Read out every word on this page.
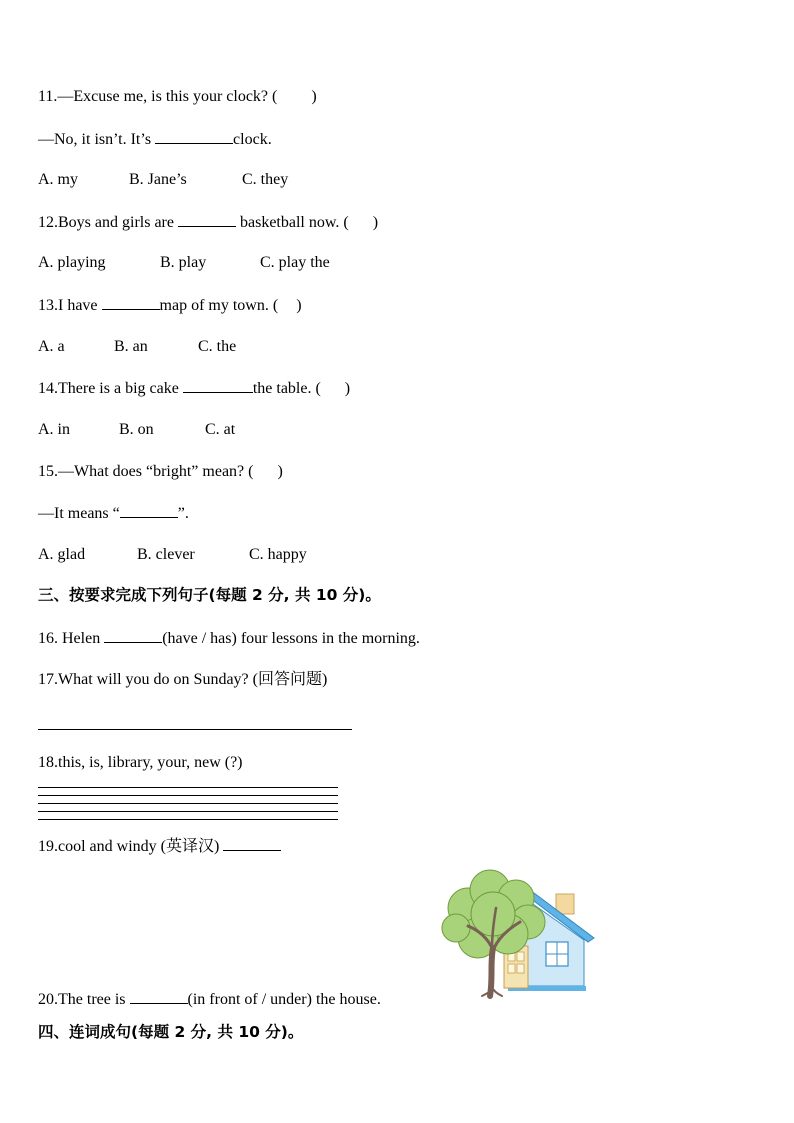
11.—Excuse me, is this your clock? ( )
—No, it isn’t. It’s	clock.
A. my	B. Jane’s	C. they
12.Boys and girls are	basketball now. ( )
A. playing	B. play	C. play the
13.I have	map of my town. ( )
A. a	B. an	C. the
14.There is a big cake	the table. ( )
A. in	B. on	C. at
15.—What does “bright” mean? ( )
—It means “	”.
A. glad	B. clever	C. happy
三、按要求完成下列句子(每题 2 分, 共 10 分)。
16. Helen	(have / has) four lessons in the morning.
17.What will you do on Sunday? (回答问题)
18.this, is, library, your, new (?)
19.cool and windy (英译汉)
20.The tree is	(in front of / under) the house.
四、连词成句(每题 2 分, 共 10 分)。
